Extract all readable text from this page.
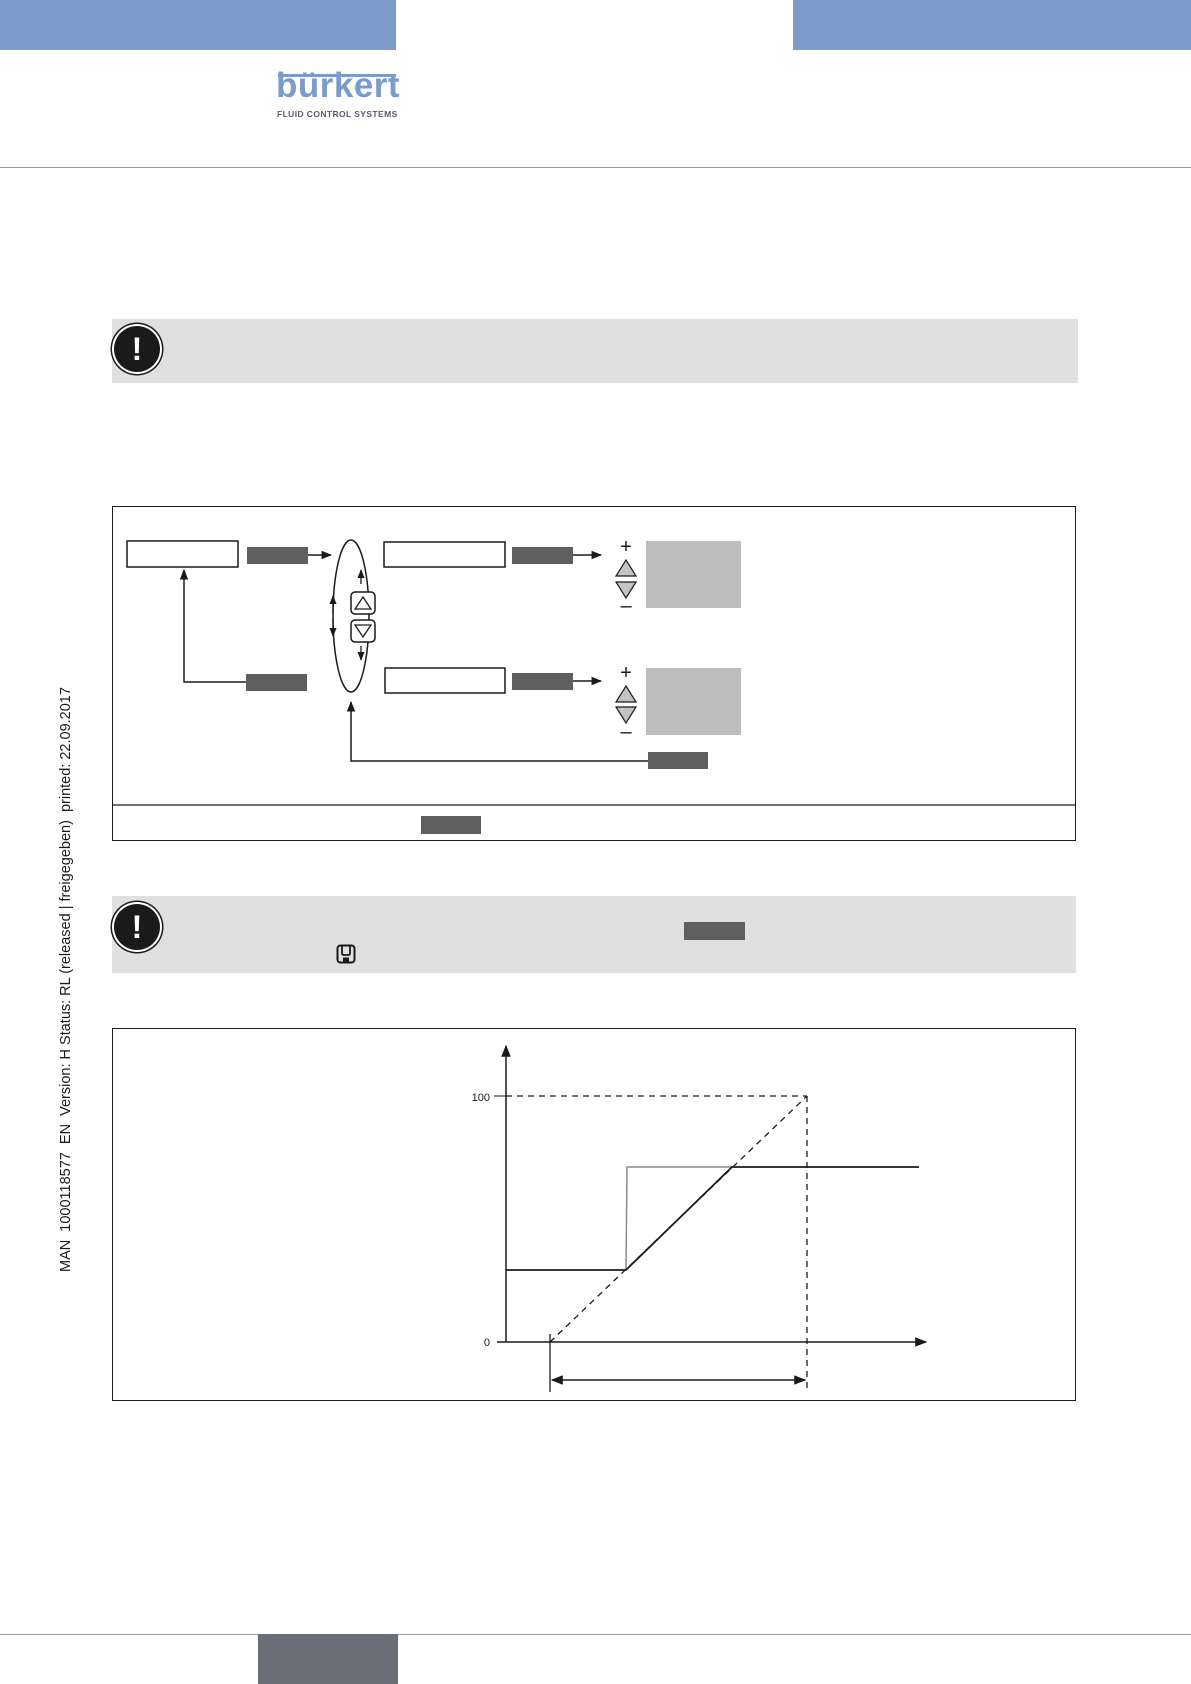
bürkert
FLUID CONTROL SYSTEMS
MAN  1000118577  EN  Version: H Status: RL (released | freigegeben)  printed: 22.09.2017
!
+
–
+
–
!
100
0
